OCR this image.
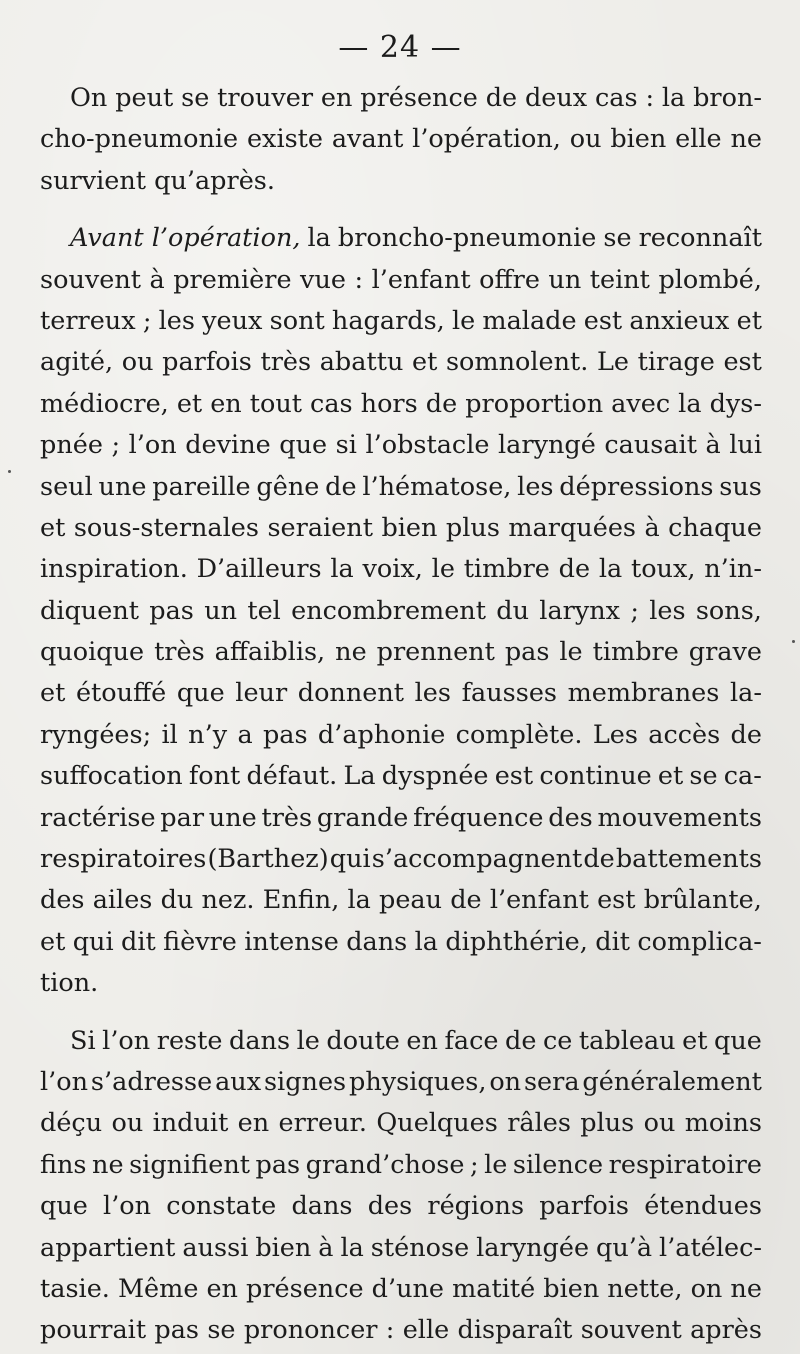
— 24 —
On peut se trouver en présence de deux cas : la bron-
cho-pneumonie existe avant l’opération, ou bien elle ne
survient qu’après.
Avant l’opération, la broncho-pneumonie se reconnaît
souvent à première vue : l’enfant offre un teint plombé,
terreux ; les yeux sont hagards, le malade est anxieux et
agité, ou parfois très abattu et somnolent. Le tirage est
médiocre, et en tout cas hors de proportion avec la dys-
pnée ; l’on devine que si l’obstacle laryngé causait à lui
seul une pareille gêne de l’hématose, les dépressions sus
et sous-sternales seraient bien plus marquées à chaque
inspiration. D’ailleurs la voix, le timbre de la toux, n’in-
diquent pas un tel encombrement du larynx ; les sons,
quoique très affaiblis, ne prennent pas le timbre grave
et étouffé que leur donnent les fausses membranes la-
ryngées; il n’y a pas d’aphonie complète. Les accès de
suffocation font défaut. La dyspnée est continue et se ca-
ractérise par une très grande fréquence des mouvements
respiratoires (Barthez) qui s’accompagnent de battements
des ailes du nez. Enfin, la peau de l’enfant est brûlante,
et qui dit fièvre intense dans la diphthérie, dit complica-
tion.
Si l’on reste dans le doute en face de ce tableau et que
l’on s’adresse aux signes physiques, on sera généralement
déçu ou induit en erreur. Quelques râles plus ou moins
fins ne signifient pas grand’chose ; le silence respiratoire
que l’on constate dans des régions parfois étendues
appartient aussi bien à la sténose laryngée qu’à l’atélec-
tasie. Même en présence d’une matité bien nette, on ne
pourrait pas se prononcer : elle disparaît souvent après
